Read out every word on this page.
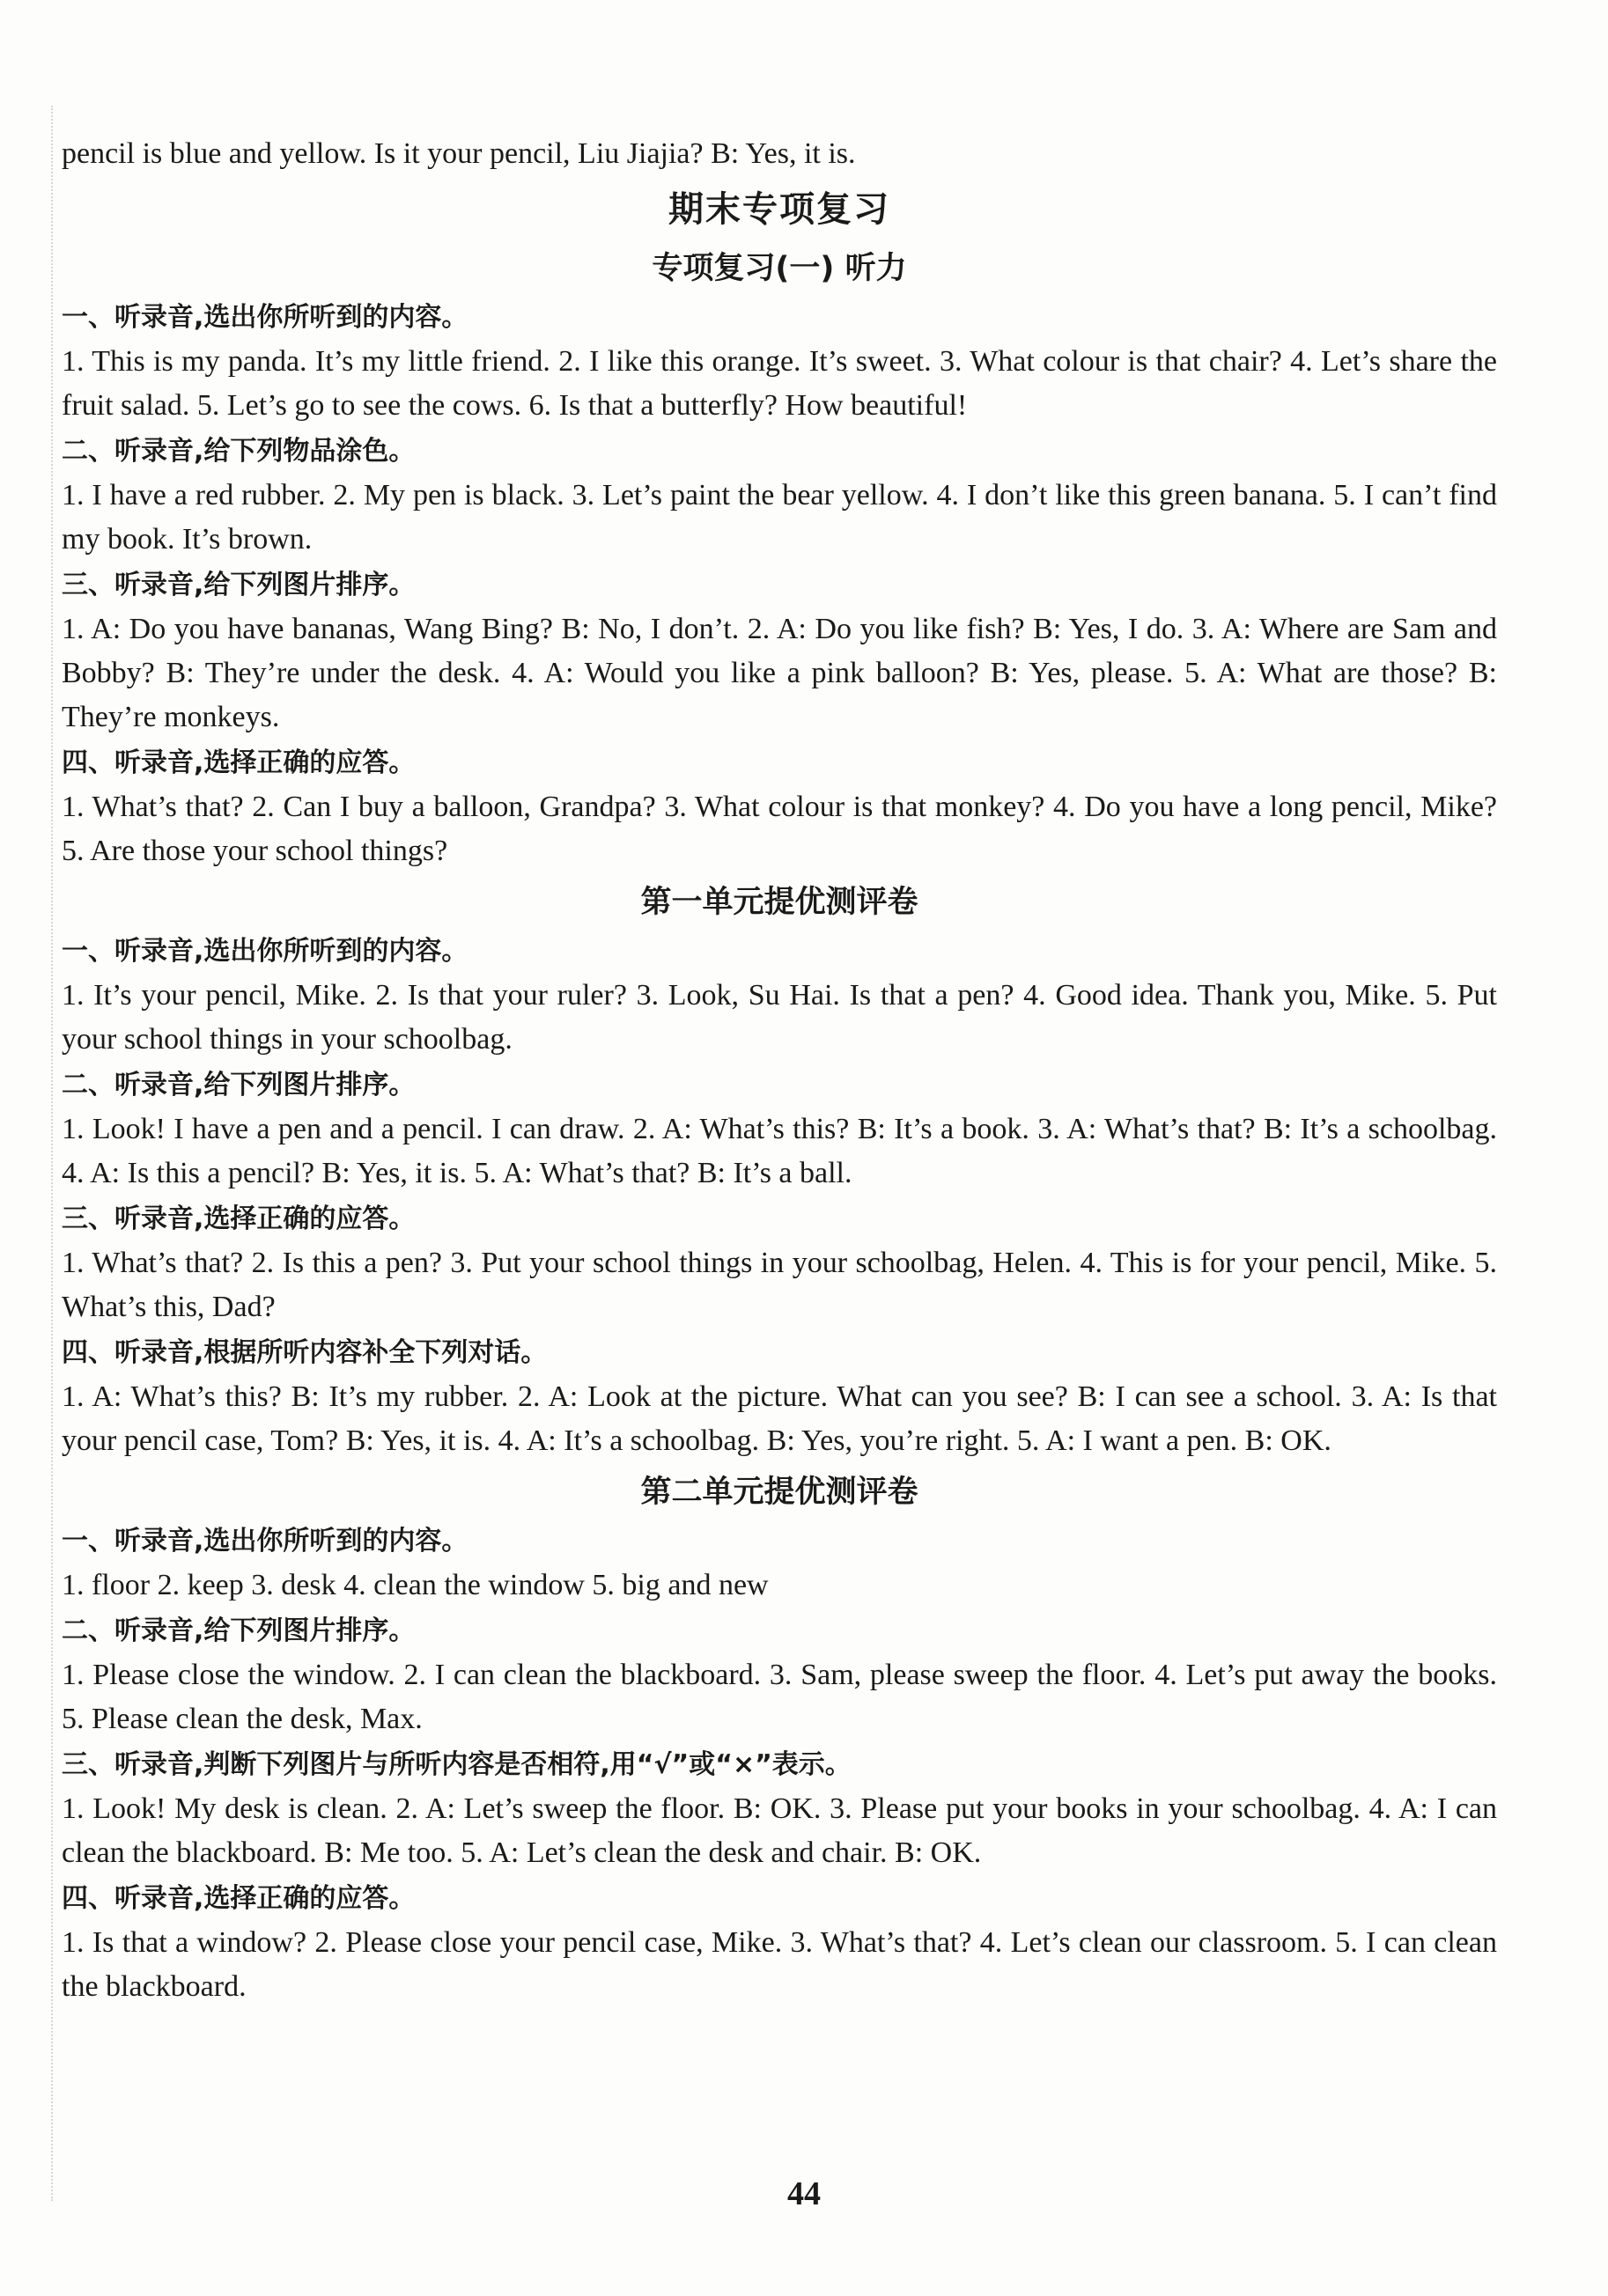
pencil is blue and yellow. Is it your pencil, Liu Jiajia? B: Yes, it is.

期末专项复习
专项复习(一) 听力
一、听录音,选出你所听到的内容。

1. This is my panda. It’s my little friend. 2. I like this orange. It’s sweet. 3. What colour is that chair? 4. Let’s share the fruit salad. 5. Let’s go to see the cows. 6. Is that a butterfly? How beautiful!

二、听录音,给下列物品涂色。

1. I have a red rubber. 2. My pen is black. 3. Let’s paint the bear yellow. 4. I don’t like this green banana. 5. I can’t find my book. It’s brown.

三、听录音,给下列图片排序。

1. A: Do you have bananas, Wang Bing? B: No, I don’t. 2. A: Do you like fish? B: Yes, I do. 3. A: Where are Sam and Bobby? B: They’re under the desk. 4. A: Would you like a pink balloon? B: Yes, please. 5. A: What are those? B: They’re monkeys.

四、听录音,选择正确的应答。

1. What’s that? 2. Can I buy a balloon, Grandpa? 3. What colour is that monkey? 4. Do you have a long pencil, Mike? 5. Are those your school things?

第一单元提优测评卷
一、听录音,选出你所听到的内容。

1. It’s your pencil, Mike. 2. Is that your ruler? 3. Look, Su Hai. Is that a pen? 4. Good idea. Thank you, Mike. 5. Put your school things in your schoolbag.

二、听录音,给下列图片排序。

1. Look! I have a pen and a pencil. I can draw. 2. A: What’s this? B: It’s a book. 3. A: What’s that? B: It’s a schoolbag. 4. A: Is this a pencil? B: Yes, it is. 5. A: What’s that? B: It’s a ball.

三、听录音,选择正确的应答。

1. What’s that? 2. Is this a pen? 3. Put your school things in your schoolbag, Helen. 4. This is for your pencil, Mike. 5. What’s this, Dad?

四、听录音,根据所听内容补全下列对话。

1. A: What’s this? B: It’s my rubber. 2. A: Look at the picture. What can you see? B: I can see a school. 3. A: Is that your pencil case, Tom? B: Yes, it is. 4. A: It’s a schoolbag. B: Yes, you’re right. 5. A: I want a pen. B: OK.

第二单元提优测评卷
一、听录音,选出你所听到的内容。

1. floor 2. keep 3. desk 4. clean the window 5. big and new

二、听录音,给下列图片排序。

1. Please close the window. 2. I can clean the blackboard. 3. Sam, please sweep the floor. 4. Let’s put away the books. 5. Please clean the desk, Max.

三、听录音,判断下列图片与所听内容是否相符,用“√”或“×”表示。

1. Look! My desk is clean. 2. A: Let’s sweep the floor. B: OK. 3. Please put your books in your schoolbag. 4. A: I can clean the blackboard. B: Me too. 5. A: Let’s clean the desk and chair. B: OK.

四、听录音,选择正确的应答。

1. Is that a window? 2. Please close your pencil case, Mike. 3. What’s that? 4. Let’s clean our classroom. 5. I can clean the blackboard.

44
